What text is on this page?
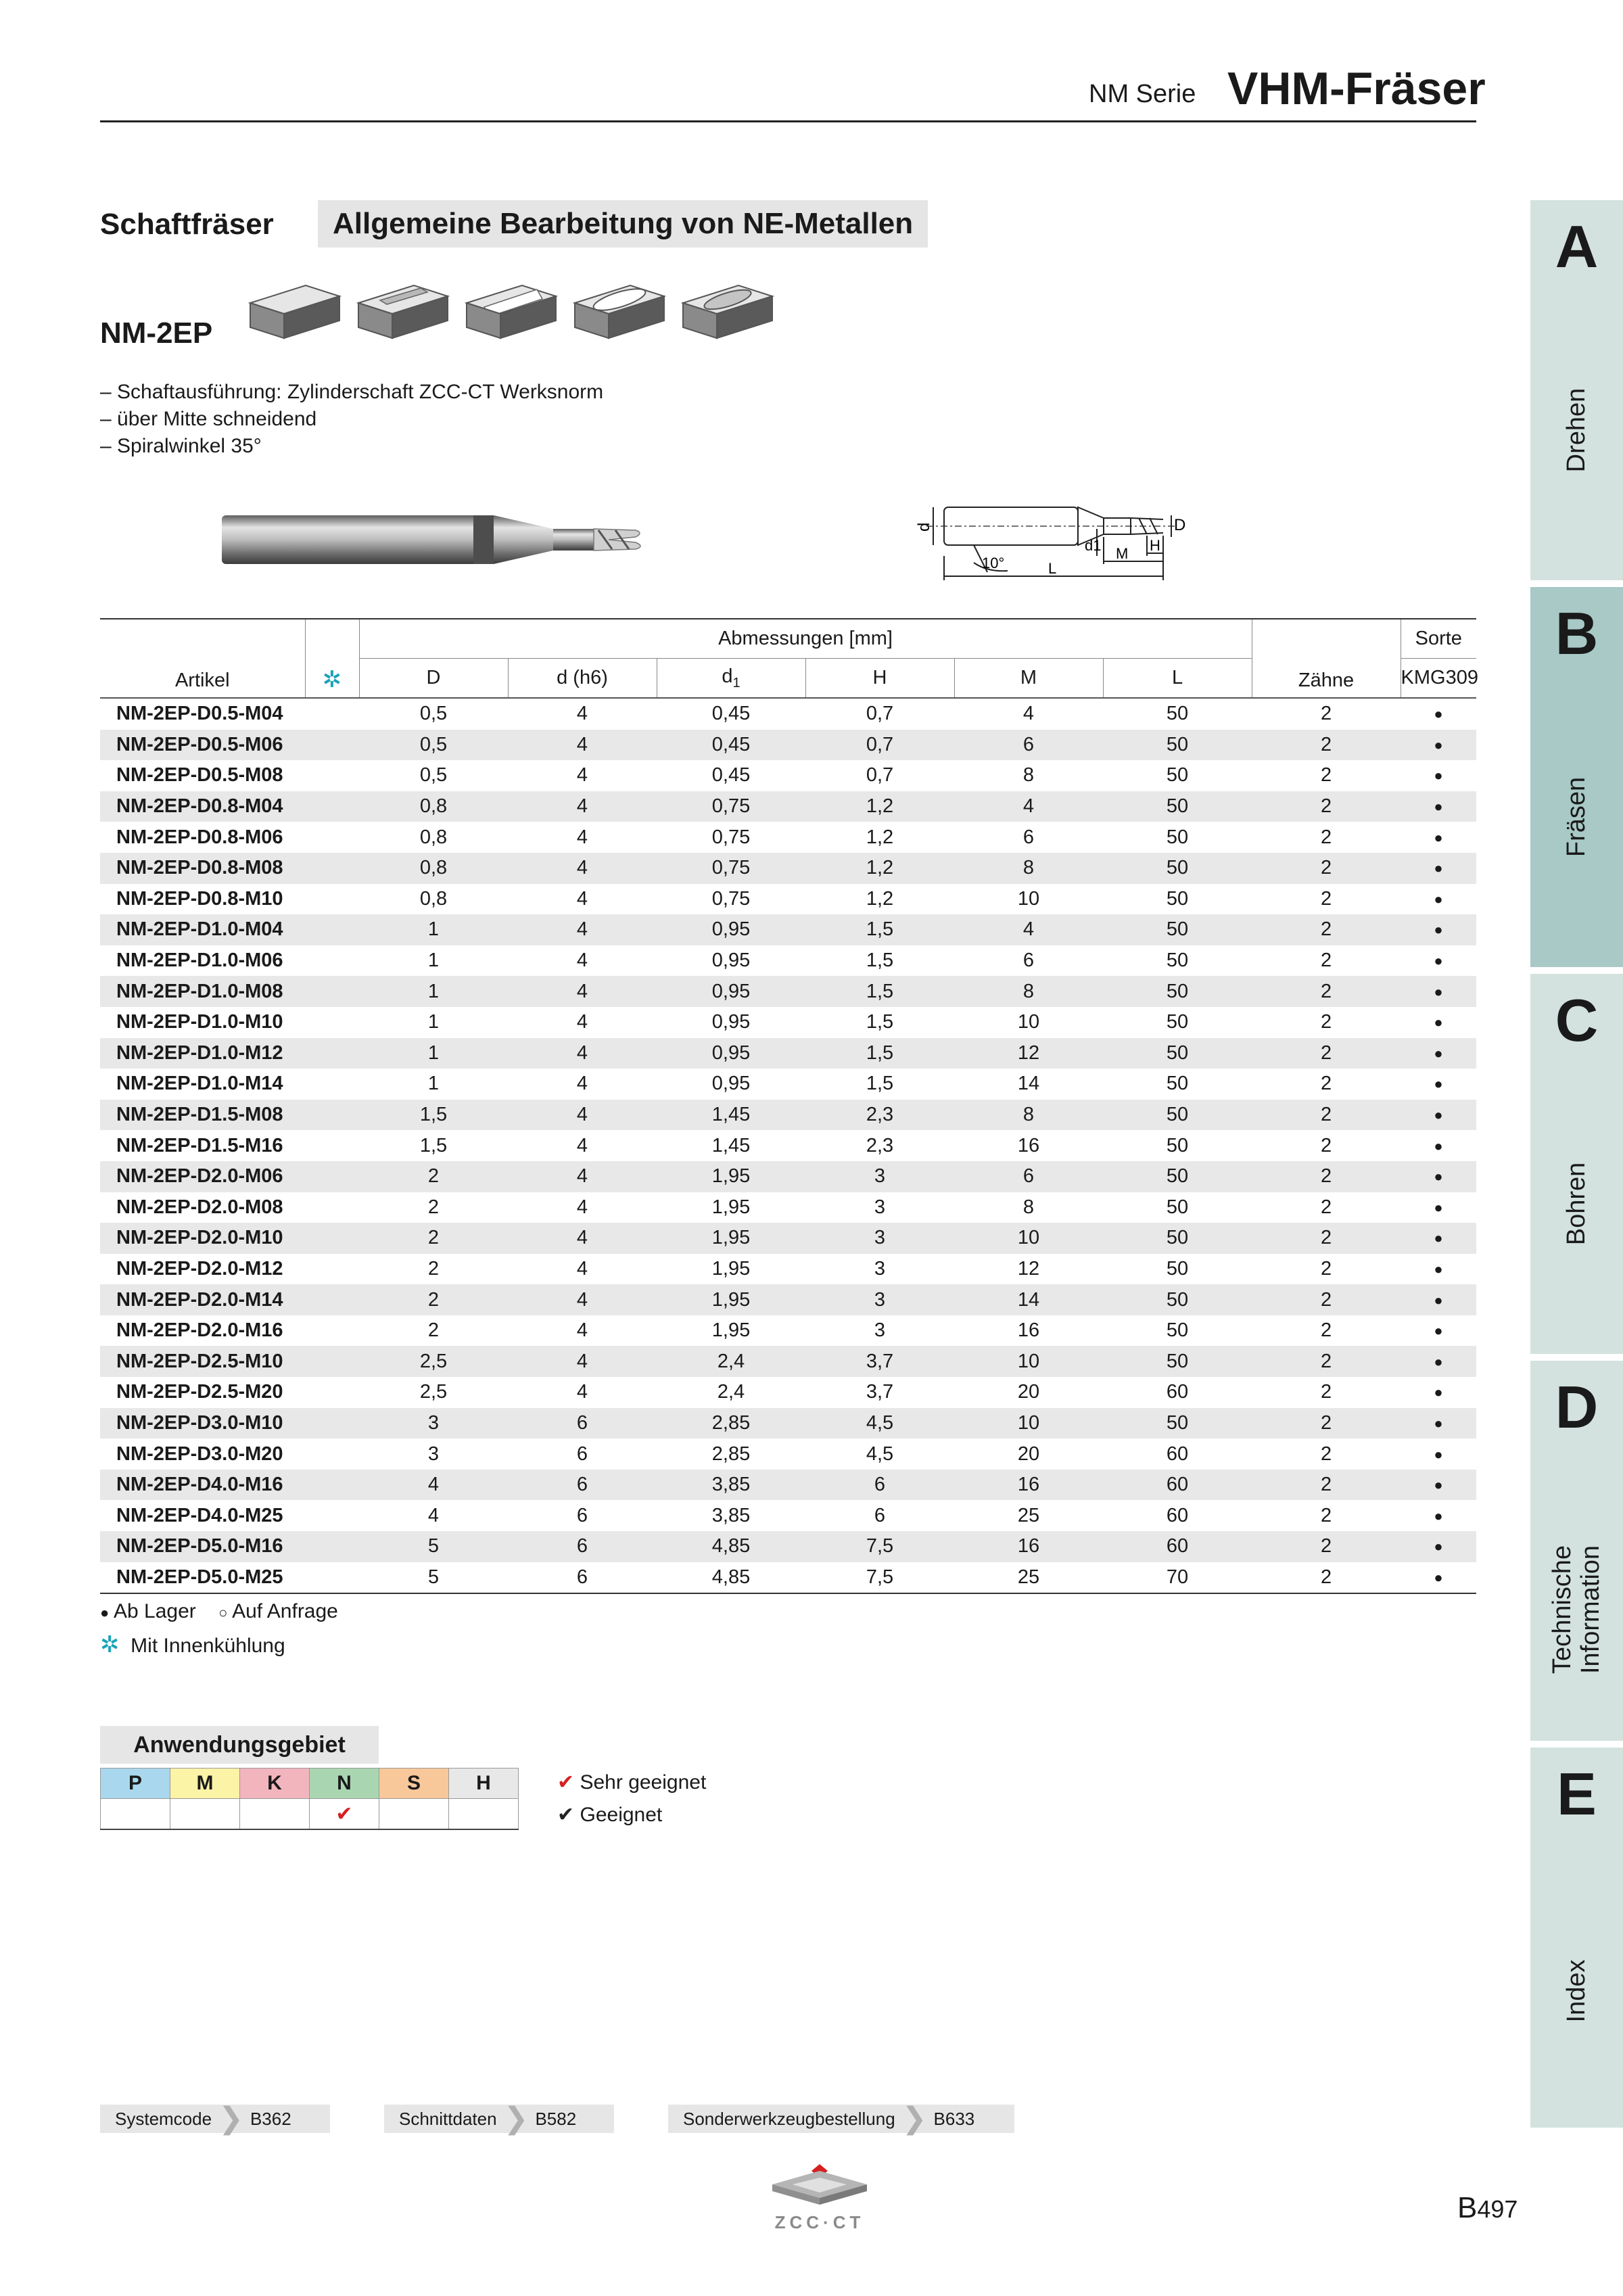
NM Serie VHM-Fräser
Schaftfräser	Allgemeine Bearbeitung von NE-Metallen
NM-2EP
– Schaftausführung: Zylinderschaft ZCC-CT Werksnorm
– über Mitte schneidend
– Spiralwinkel 35°
d	D
d1
10°	L
M H
Artikel	✲	Abmessungen [mm]						Zähne	Sorte
		D	d (h6)	$d_1$	H	M	L		KMG309
NM-2EP-D0.5-M04		0,5	4	0,45	0,7	4	50	2	●
NM-2EP-D0.5-M06		0,5	4	0,45	0,7	6	50	2	●
NM-2EP-D0.5-M08		0,5	4	0,45	0,7	8	50	2	●
NM-2EP-D0.8-M04		0,8	4	0,75	1,2	4	50	2	●
NM-2EP-D0.8-M06		0,8	4	0,75	1,2	6	50	2	●
NM-2EP-D0.8-M08		0,8	4	0,75	1,2	8	50	2	●
NM-2EP-D0.8-M10		0,8	4	0,75	1,2	10	50	2	●
NM-2EP-D1.0-M04		1	4	0,95	1,5	4	50	2	●
NM-2EP-D1.0-M06		1	4	0,95	1,5	6	50	2	●
NM-2EP-D1.0-M08		1	4	0,95	1,5	8	50	2	●
NM-2EP-D1.0-M10		1	4	0,95	1,5	10	50	2	●
NM-2EP-D1.0-M12		1	4	0,95	1,5	12	50	2	●
NM-2EP-D1.0-M14		1	4	0,95	1,5	14	50	2	●
NM-2EP-D1.5-M08		1,5	4	1,45	2,3	8	50	2	●
NM-2EP-D1.5-M16		1,5	4	1,45	2,3	16	50	2	●
NM-2EP-D2.0-M06		2	4	1,95	3	6	50	2	●
NM-2EP-D2.0-M08		2	4	1,95	3	8	50	2	●
NM-2EP-D2.0-M10		2	4	1,95	3	10	50	2	●
NM-2EP-D2.0-M12		2	4	1,95	3	12	50	2	●
NM-2EP-D2.0-M14		2	4	1,95	3	14	50	2	●
NM-2EP-D2.0-M16		2	4	1,95	3	16	50	2	●
NM-2EP-D2.5-M10		2,5	4	2,4	3,7	10	50	2	●
NM-2EP-D2.5-M20		2,5	4	2,4	3,7	20	60	2	●
NM-2EP-D3.0-M10		3	6	2,85	4,5	10	50	2	●
NM-2EP-D3.0-M20		3	6	2,85	4,5	20	60	2	●
NM-2EP-D4.0-M16		4	6	3,85	6	16	60	2	●
NM-2EP-D4.0-M25		4	6	3,85	6	25	60	2	●
NM-2EP-D5.0-M16		5	6	4,85	7,5	16	60	2	●
NM-2EP-D5.0-M25		5	6	4,85	7,5	25	70	2	●
● Ab Lager ○ Auf Anfrage
✲ Mit Innenkühlung
Anwendungsgebiet
P	M	K	N	S	H
			✔		
✔ Sehr geeignet
✔ Geeignet
Systemcode ❯ B362	Schnittdaten ❯ B582	Sonderwerkzeugbestellung ❯ B633
ZCC·CT	B497
A
Drehen
B
Fräsen
C
Bohren
D
Technische Information
E
Index
